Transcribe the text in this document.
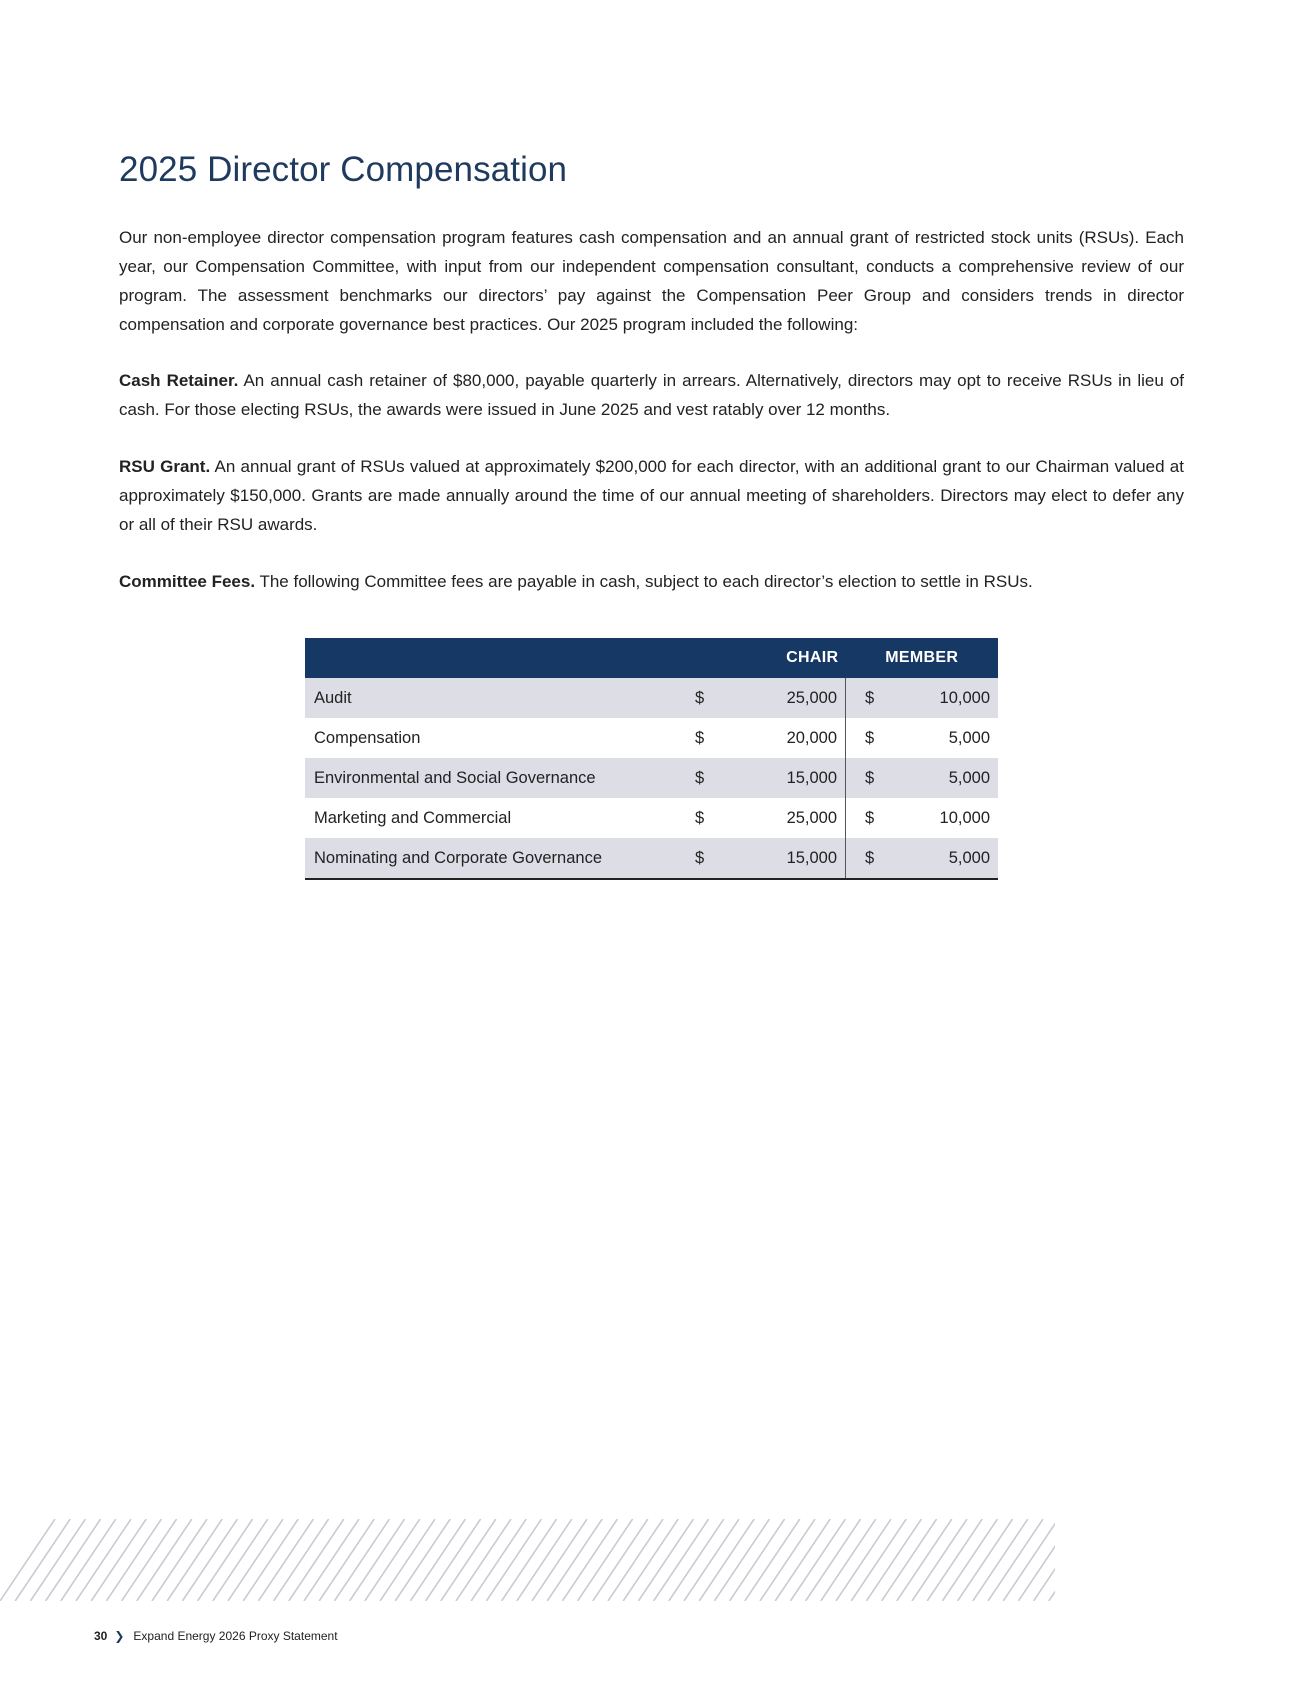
2025 Director Compensation

Our non-employee director compensation program features cash compensation and an annual grant of restricted stock units (RSUs). Each year, our Compensation Committee, with input from our independent compensation consultant, conducts a comprehensive review of our program. The assessment benchmarks our directors’ pay against the Compensation Peer Group and considers trends in director compensation and corporate governance best practices. Our 2025 program included the following:

Cash Retainer. An annual cash retainer of $80,000, payable quarterly in arrears. Alternatively, directors may opt to receive RSUs in lieu of cash. For those electing RSUs, the awards were issued in June 2025 and vest ratably over 12 months.

RSU Grant. An annual grant of RSUs valued at approximately $200,000 for each director, with an additional grant to our Chairman valued at approximately $150,000. Grants are made annually around the time of our annual meeting of shareholders. Directors may elect to defer any or all of their RSU awards.

Committee Fees. The following Committee fees are payable in cash, subject to each director’s election to settle in RSUs.

	CHAIR		MEMBER	
Audit	$	25,000	$	10,000
Compensation	$	20,000	$	5,000
Environmental and Social Governance	$	15,000	$	5,000
Marketing and Commercial	$	25,000	$	10,000
Nominating and Corporate Governance	$	15,000	$	5,000
30 ❯ Expand Energy 2026 Proxy Statement
